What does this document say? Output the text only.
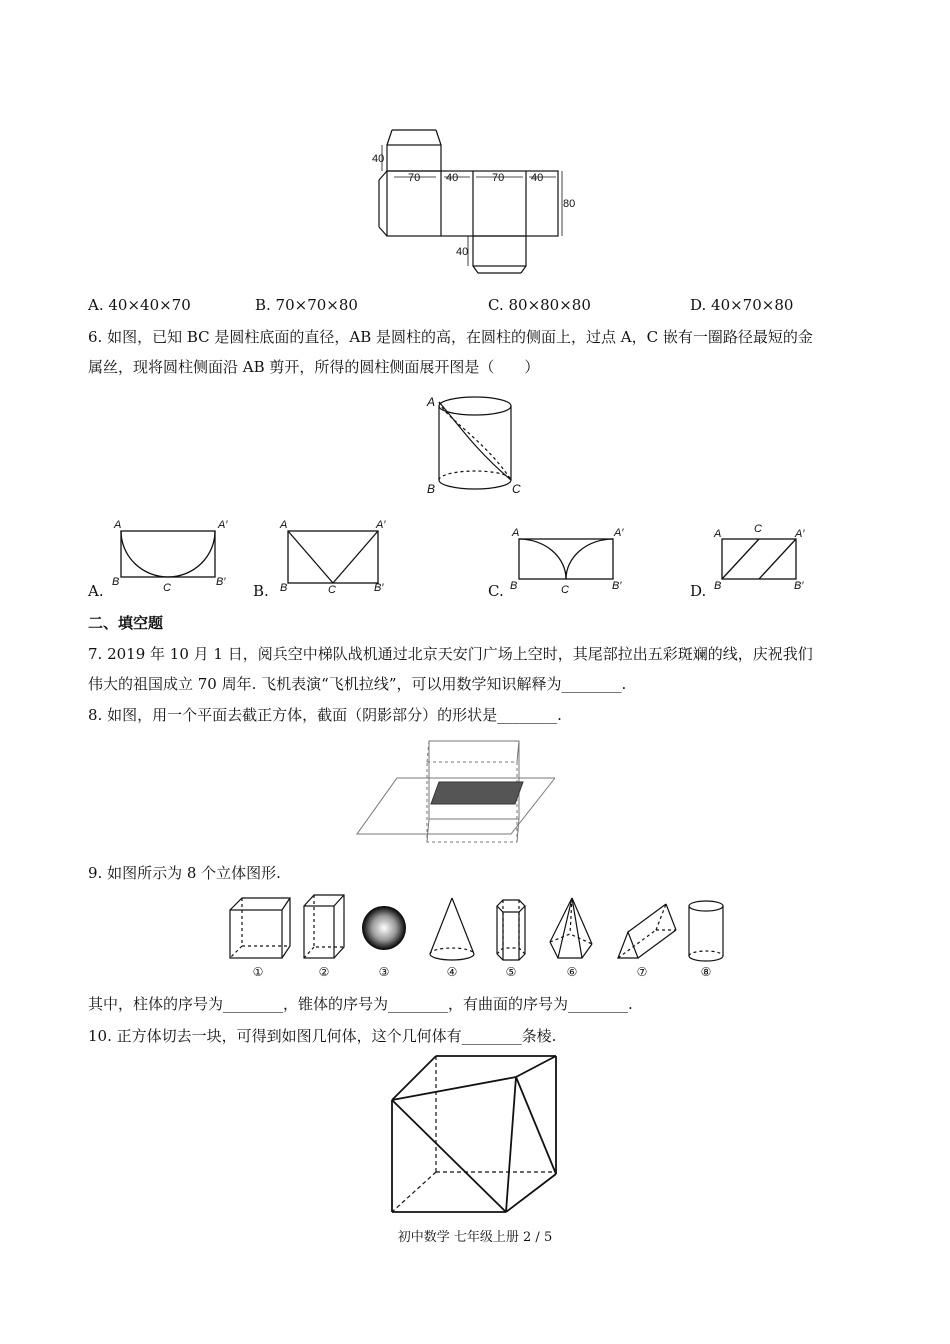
40
70 40	70 40
80
40
A. 40×40×70	B. 70×70×80	C. 80×80×80	D. 40×70×80
6. 如图，已知 BC 是圆柱底面的直径，AB 是圆柱的高，在圆柱的侧面上，过点 A，C 嵌有一圈路径最短的金
属丝，现将圆柱侧面沿 AB 剪开，所得的圆柱侧面展开图是（　　）
A
B	C
A	A′
B	C	B′
A.
A	A′
B	C	B′
B.
A	A′
B	C	B′
C.
A	A′
B
C
B′
D.
二、填空题
7. 2019 年 10 月 1 日，阅兵空中梯队战机通过北京天安门广场上空时，其尾部拉出五彩斑斓的线，庆祝我们
伟大的祖国成立 70 周年. 飞机表演“飞机拉线”，可以用数学知识解释为________.
8. 如图，用一个平面去截正方体，截面（阴影部分）的形状是________.
9. 如图所示为 8 个立体图形.
①	②	③	④	⑤	⑥	⑦	⑧
其中，柱体的序号为________，锥体的序号为________，有曲面的序号为________.
10. 正方体切去一块，可得到如图几何体，这个几何体有________条棱.
初中数学 七年级上册 2 / 5
